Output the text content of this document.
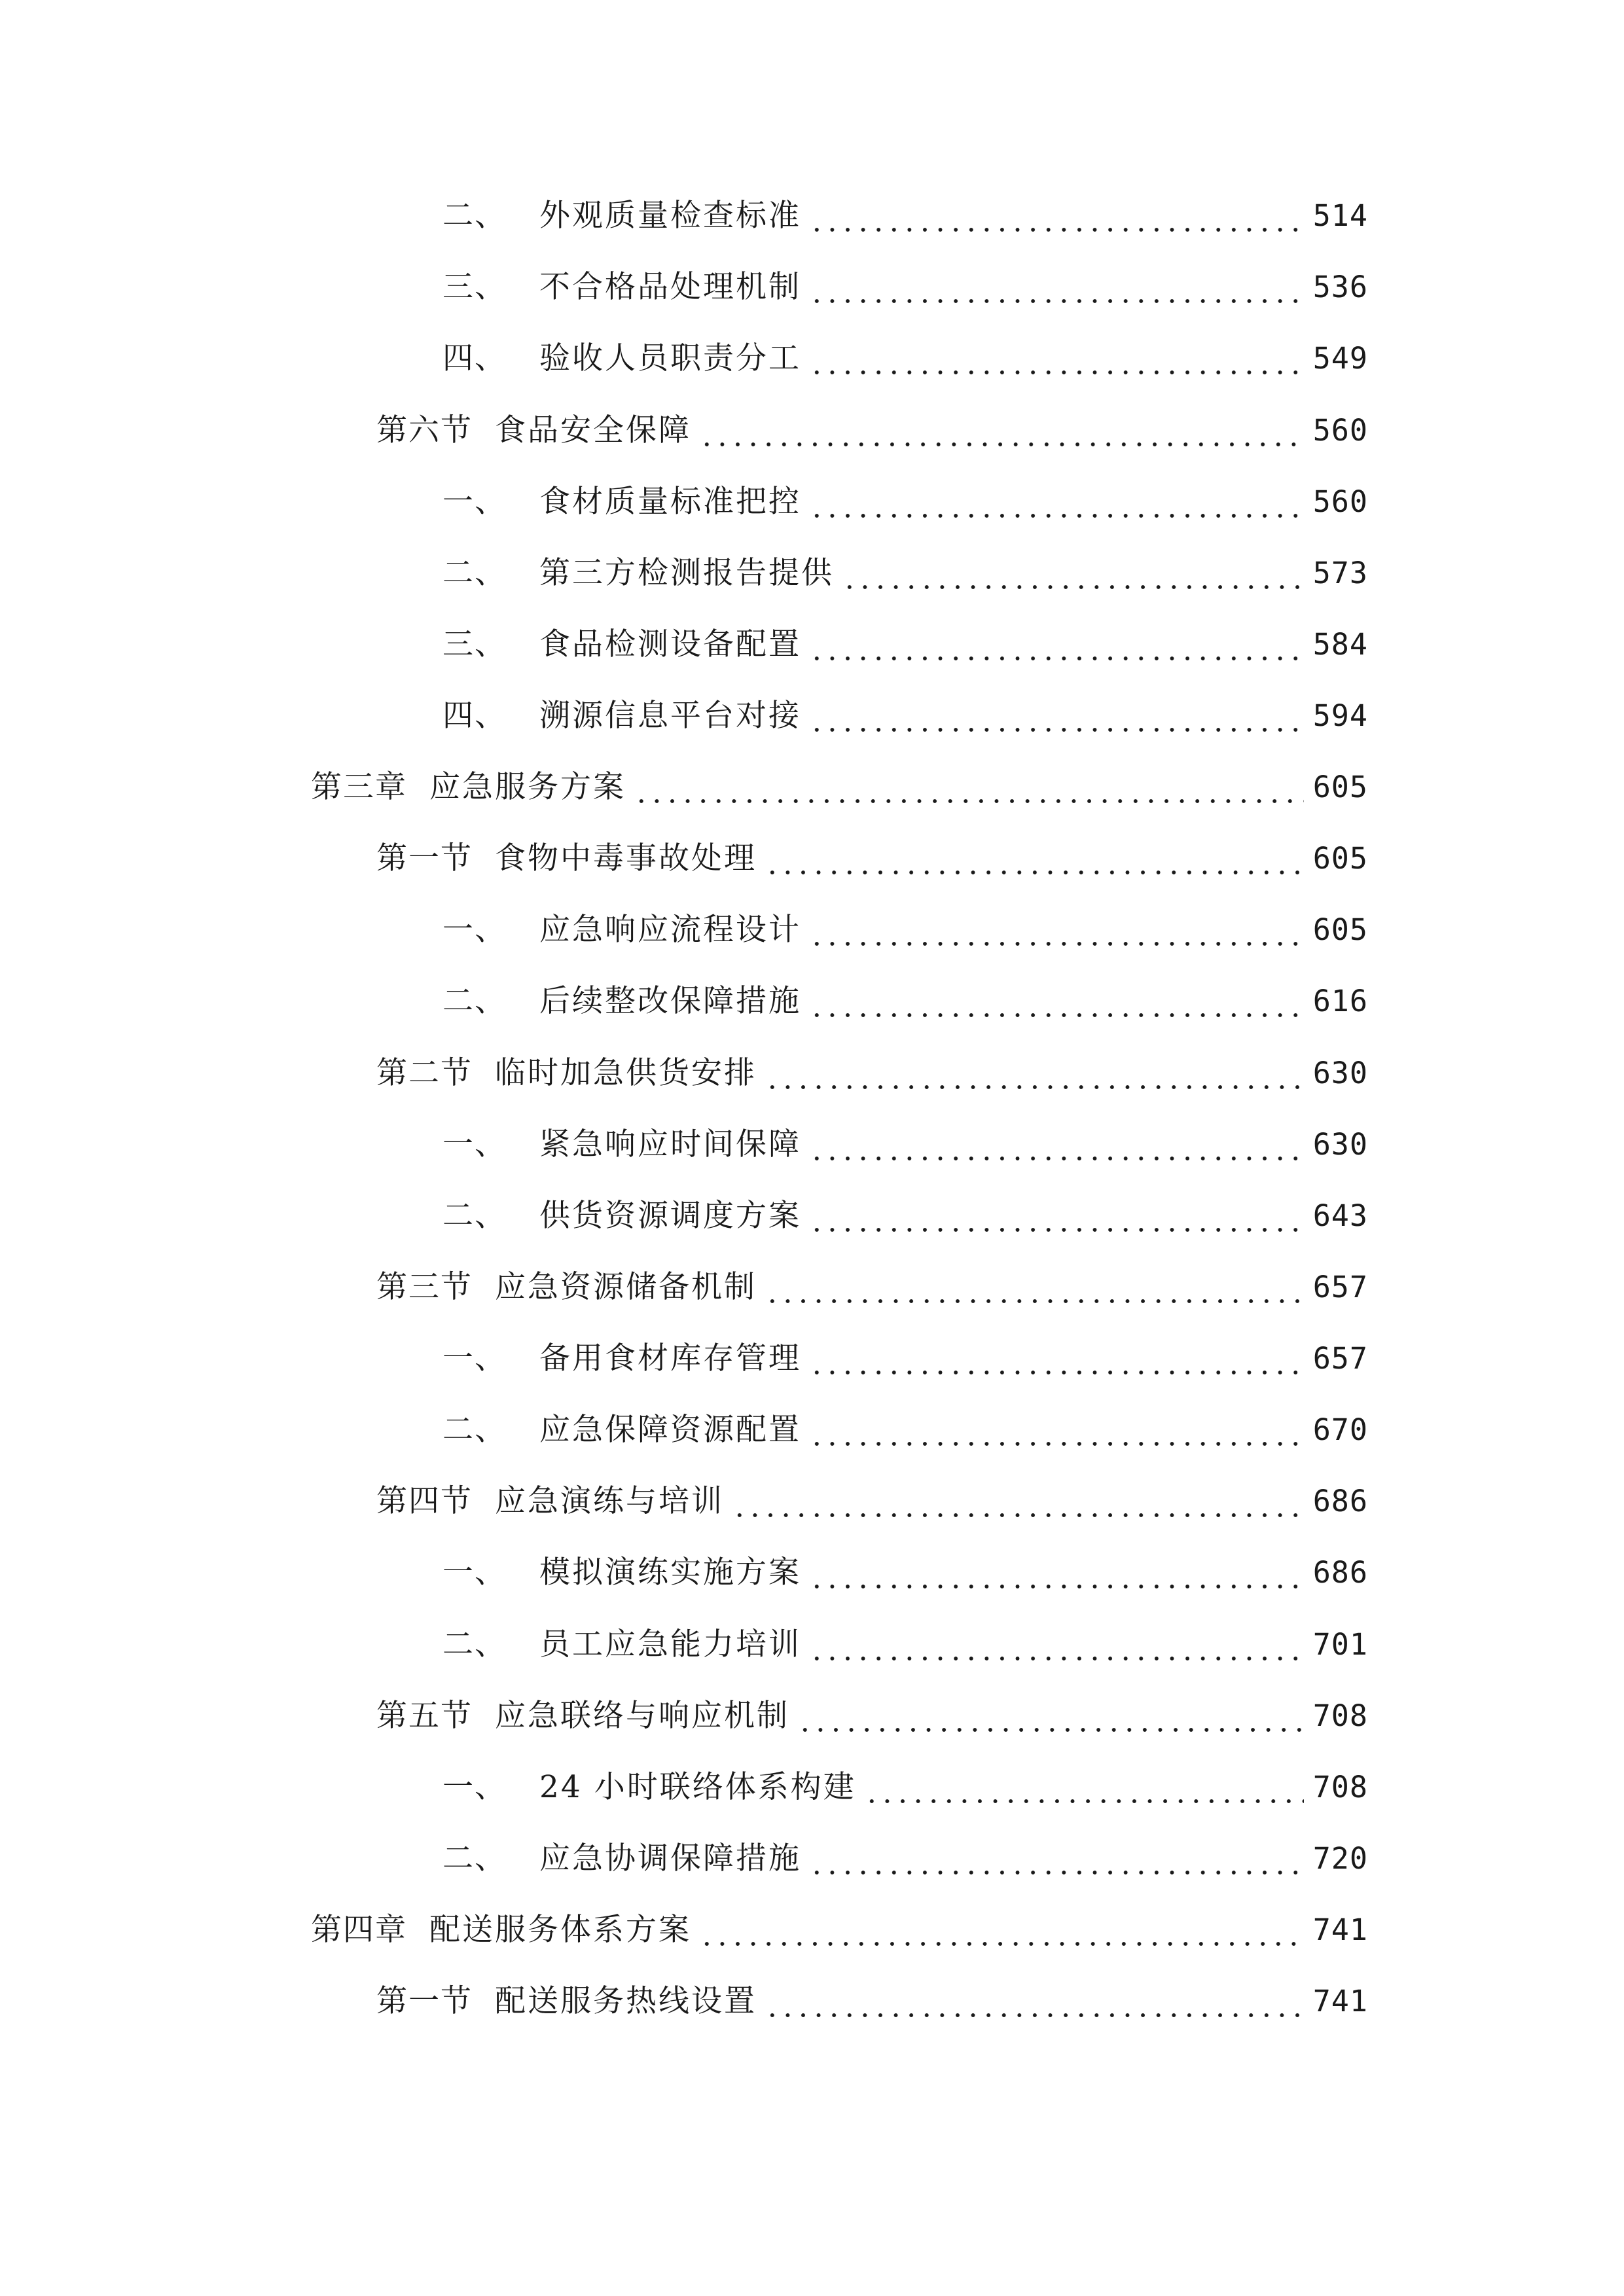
二、 外观质量检查标准	514
三、 不合格品处理机制	536
四、 验收人员职责分工	549
第六节 食品安全保障	560
一、 食材质量标准把控	560
二、 第三方检测报告提供	573
三、 食品检测设备配置	584
四、 溯源信息平台对接	594
第三章 应急服务方案	605
第一节 食物中毒事故处理	605
一、 应急响应流程设计	605
二、 后续整改保障措施	616
第二节 临时加急供货安排	630
一、 紧急响应时间保障	630
二、 供货资源调度方案	643
第三节 应急资源储备机制	657
一、 备用食材库存管理	657
二、 应急保障资源配置	670
第四节 应急演练与培训	686
一、 模拟演练实施方案	686
二、 员工应急能力培训	701
第五节 应急联络与响应机制	708
一、 24 小时联络体系构建	708
二、 应急协调保障措施	720
第四章 配送服务体系方案	741
第一节 配送服务热线设置	741
